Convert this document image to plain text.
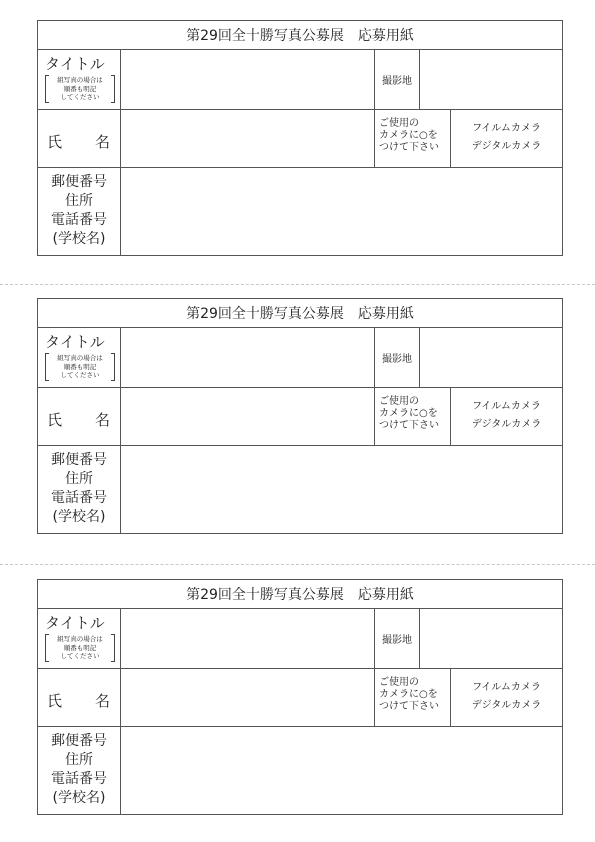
第29回全十勝写真公募展　応募用紙
タイトル
組写真の場合は
順番も明記
してください
撮影地
氏 名
ご使用の
カメラに○を
つけて下さい
フイルムカメラ
デジタルカメラ
郵便番号
住所
電話番号
(学校名)
第29回全十勝写真公募展　応募用紙
タイトル
組写真の場合は
順番も明記
してください
撮影地
氏 名
ご使用の
カメラに○を
つけて下さい
フイルムカメラ
デジタルカメラ
郵便番号
住所
電話番号
(学校名)
第29回全十勝写真公募展　応募用紙
タイトル
組写真の場合は
順番も明記
してください
撮影地
氏 名
ご使用の
カメラに○を
つけて下さい
フイルムカメラ
デジタルカメラ
郵便番号
住所
電話番号
(学校名)
